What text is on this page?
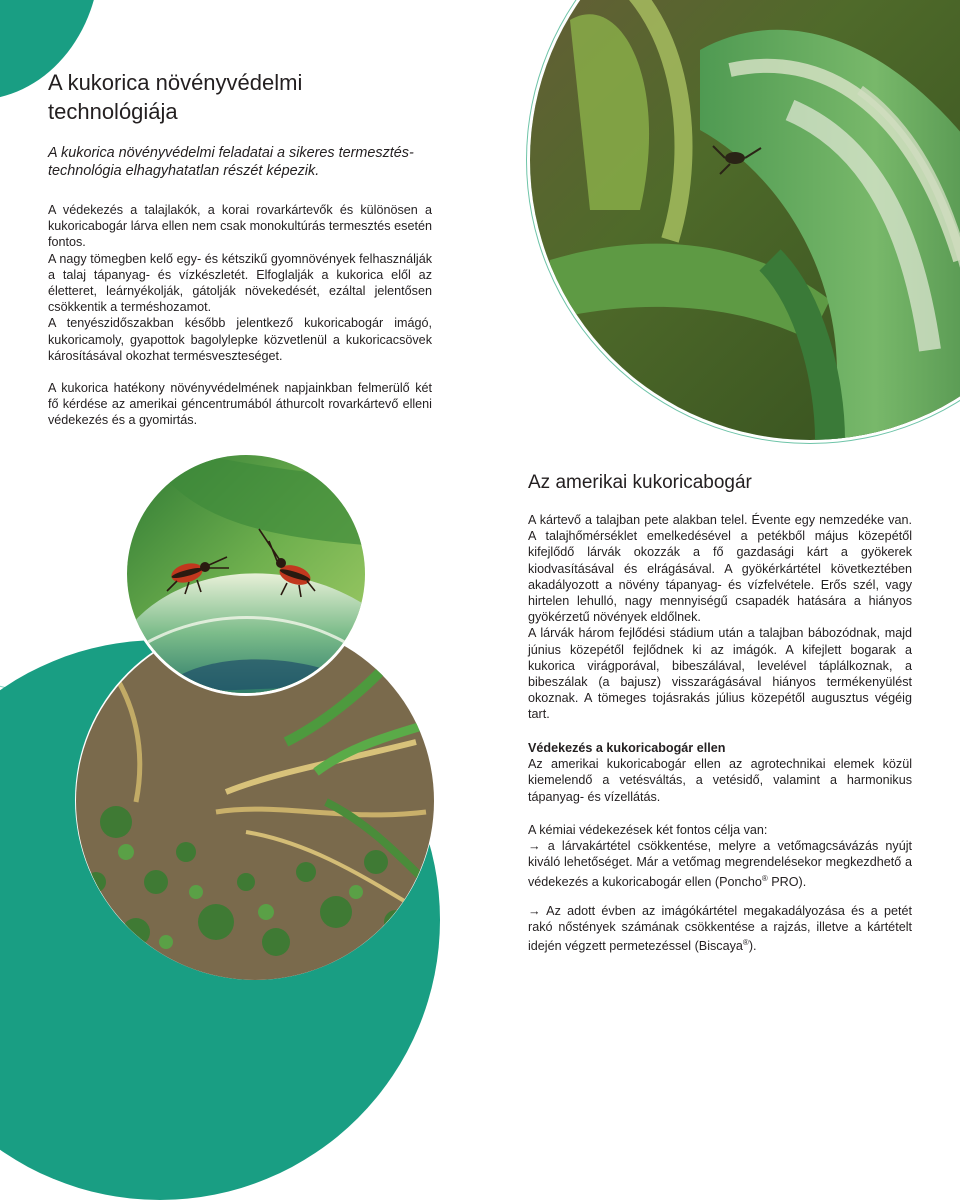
A kukorica növényvédelmi
technológiája

A kukorica növényvédelmi feladatai a sikeres termesztés-technológia elhagyhatatlan részét képezik.

A védekezés a talajlakók, a korai rovarkártevők és különösen a kukoricabogár lárva ellen nem csak monokultúrás termesztés esetén fontos.

A nagy tömegben kelő egy- és kétszikű gyomnövények felhasználják a talaj tápanyag- és vízkészletét. Elfoglalják a kukorica elől az életteret, leárnyékolják, gátolják növekedését, ezáltal jelentősen csökkentik a terméshozamot.

A tenyészidőszakban később jelentkező kukoricabogár imágó, kukoricamoly, gyapottok bagolylepke közvetlenül a kukoricacsövek károsításával okozhat termésveszteséget.

A kukorica hatékony növényvédelmének napjainkban felmerülő két fő kérdése az amerikai géncentrumából áthurcolt rovarkártevő elleni védekezés és a gyomirtás.

Az amerikai kukoricabogár

A kártevő a talajban pete alakban telel. Évente egy nemzedéke van. A talajhőmérséklet emelkedésével a petékből május közepétől kifejlődő lárvák okozzák a fő gazdasági kárt a gyökerek kiodvasításával és elrágásával. A gyökérkártétel következtében akadályozott a növény tápanyag- és vízfelvétele. Erős szél, vagy hirtelen lehulló, nagy mennyiségű csapadék hatására a hiányos gyökérzetű növények eldőlnek.

A lárvák három fejlődési stádium után a talajban bábozódnak, majd június közepétől fejlődnek ki az imágók. A kifejlett bogarak a kukorica virágporával, bibeszálával, levelével táplálkoznak, a bibeszálak (a bajusz) visszarágásával hiányos termékenyülést okoznak. A tömeges tojásrakás július közepétől augusztus végéig tart.

Védekezés a kukoricabogár ellen

Az amerikai kukoricabogár ellen az agrotechnikai elemek közül kiemelendő a vetésváltás, a vetésidő, valamint a harmonikus tápanyag- és vízellátás.

A kémiai védekezések két fontos célja van:

→ a lárvakártétel csökkentése, melyre a vetőmagcsávázás nyújt kiváló lehetőséget. Már a vetőmag megrendelésekor megkezdhető a védekezés a kukoricabogár ellen (Poncho® PRO).

→ Az adott évben az imágókártétel megakadályozása és a petét rakó nőstények számának csökkentése a rajzás, illetve a kártételt idején végzett permetezéssel (Biscaya®).
